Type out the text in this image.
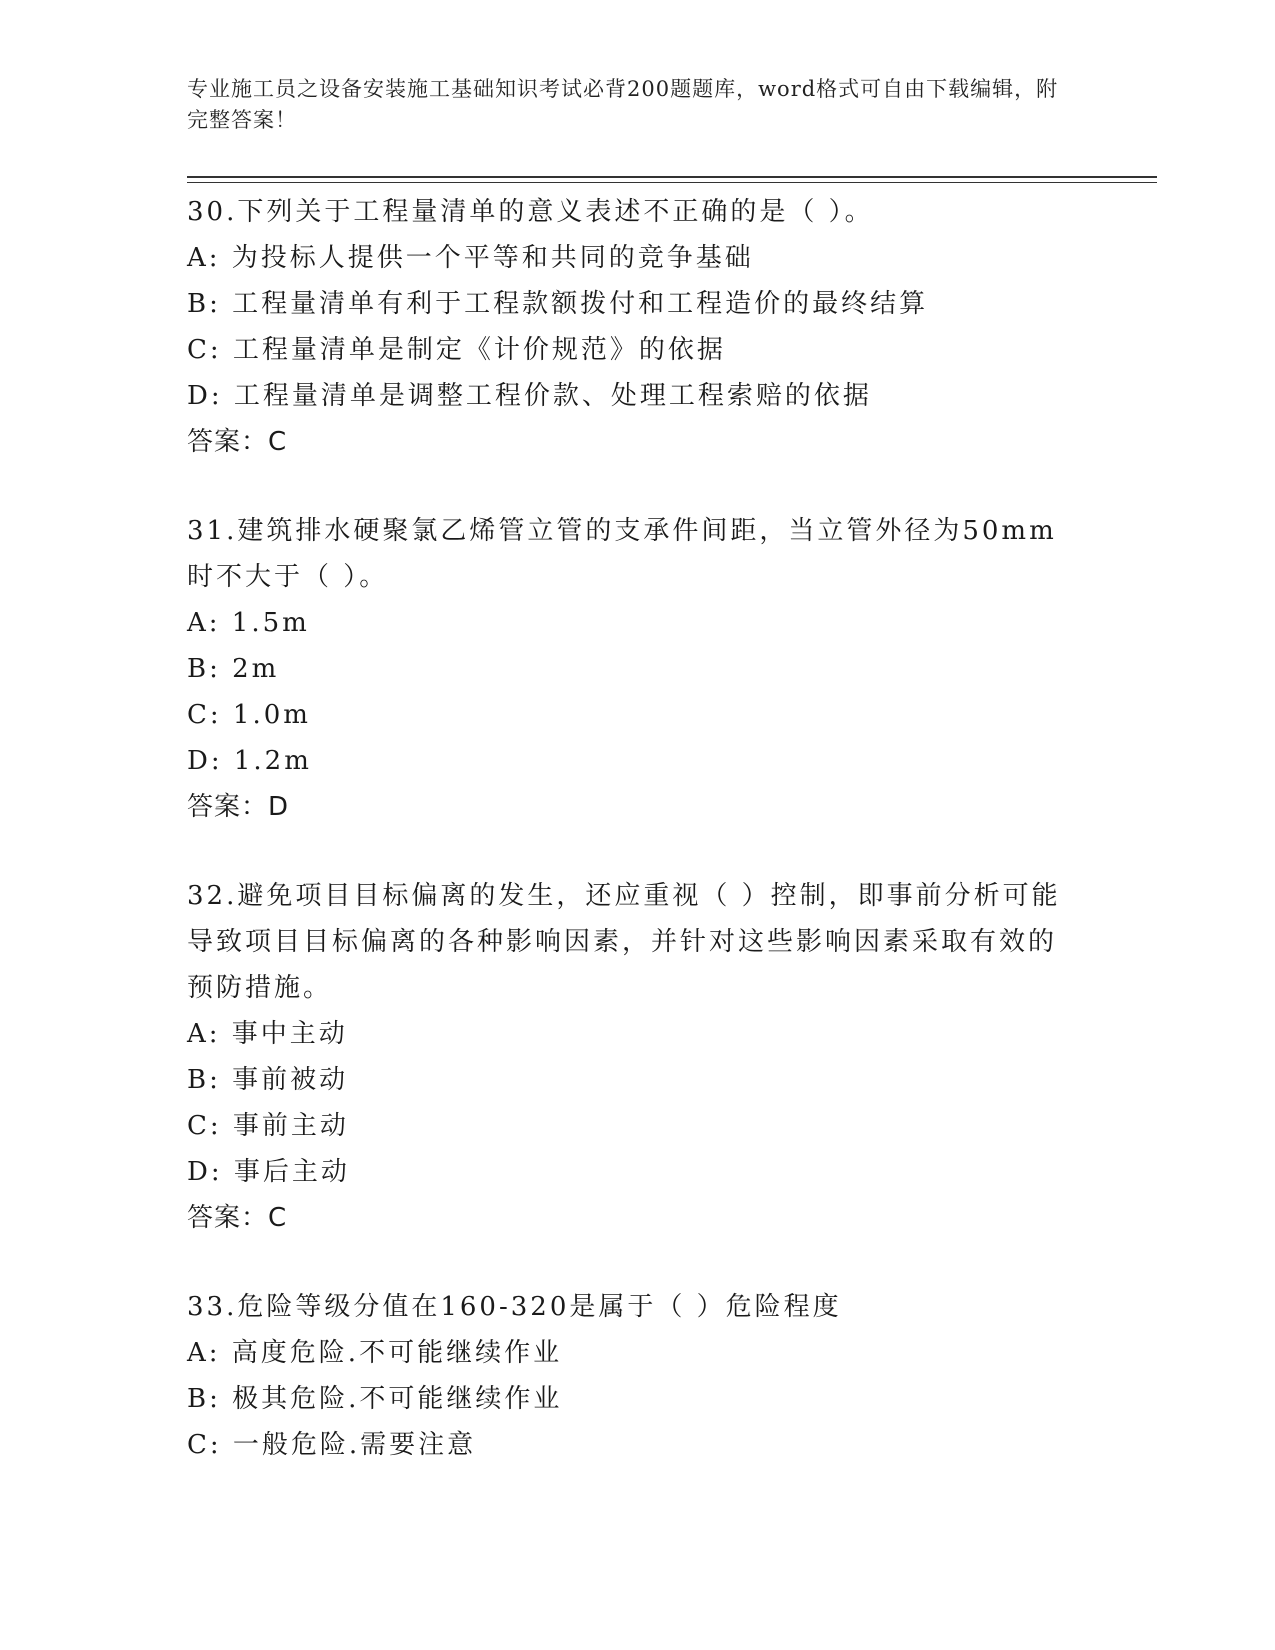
专业施工员之设备安装施工基础知识考试必背200题题库，word格式可自由下载编辑，附完整答案！

30.下列关于工程量清单的意义表述不正确的是（ ）。

A: 为投标人提供一个平等和共同的竞争基础

B: 工程量清单有利于工程款额拨付和工程造价的最终结算

C: 工程量清单是制定《计价规范》的依据

D: 工程量清单是调整工程价款、处理工程索赔的依据

答案：C

31.建筑排水硬聚氯乙烯管立管的支承件间距，当立管外径为50mm时不大于（ ）。

A: 1.5m

B: 2m

C: 1.0m

D: 1.2m

答案：D

32.避免项目目标偏离的发生，还应重视（ ）控制，即事前分析可能导致项目目标偏离的各种影响因素，并针对这些影响因素采取有效的预防措施。

A: 事中主动

B: 事前被动

C: 事前主动

D: 事后主动

答案：C

33.危险等级分值在160-320是属于（ ）危险程度

A: 高度危险.不可能继续作业

B: 极其危险.不可能继续作业

C: 一般危险.需要注意
